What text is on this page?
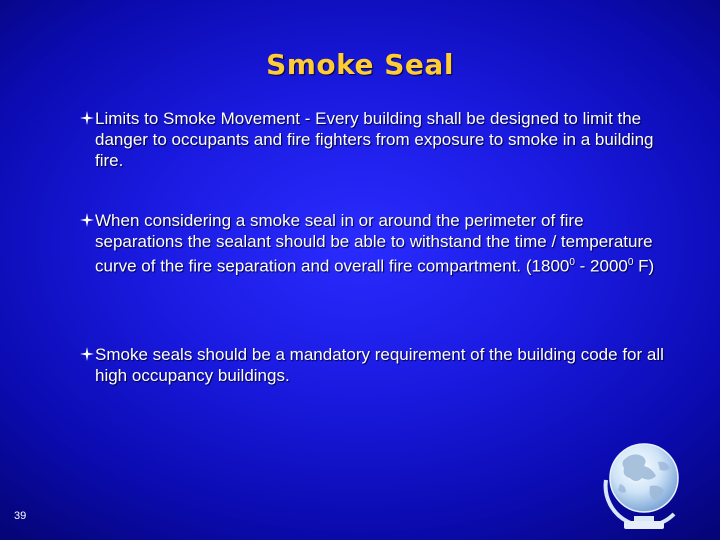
Smoke Seal
Limits to Smoke Movement - Every building shall be designed to limit the danger to occupants and fire fighters from exposure to smoke in a building fire.
When considering a smoke seal in or around the perimeter of fire separations the sealant should be able to withstand the time / temperature curve of the fire separation and overall fire compartment. (1800$^0$ - 2000$^0$ F)
Smoke seals should be a mandatory requirement of the building code for all high occupancy buildings.
39
